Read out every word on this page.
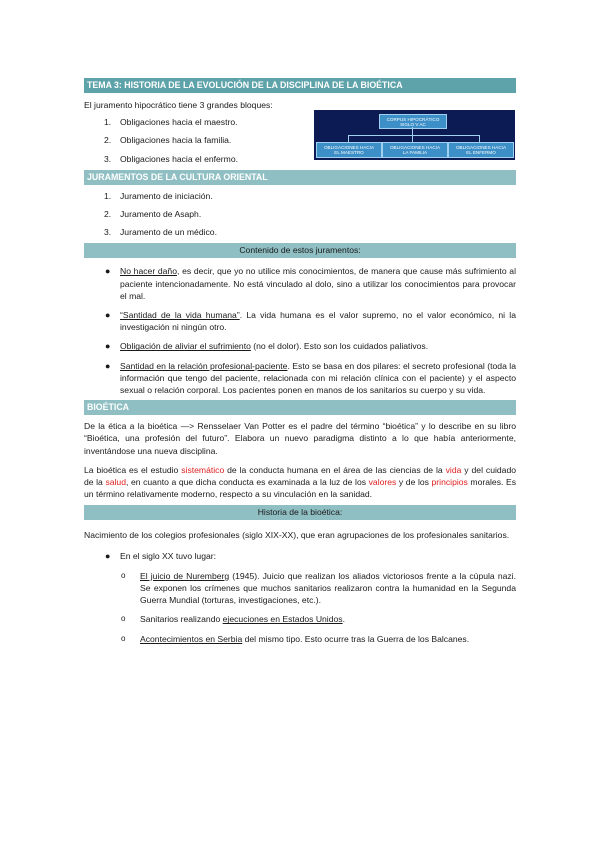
TEMA 3: HISTORIA DE LA EVOLUCIÓN DE LA DISCIPLINA DE LA BIOÉTICA

El juramento hipocrático tiene 3 grandes bloques:

1. Obligaciones hacia el maestro.
2. Obligaciones hacia la familia.
3. Obligaciones hacia el enfermo.
CORPUS HIPOCRÁTICO
SIGLO V AC
OBLIGACIONES HACIA
EL MAESTRO
OBLIGACIONES HACIA
LA FAMILIA
OBLIGACIONES HACIA
EL ENFERMO
JURAMENTOS DE LA CULTURA ORIENTAL
1. Juramento de iniciación.
2. Juramento de Asaph.
3. Juramento de un médico.
Contenido de estos juramentos:
● No hacer daño, es decir, que yo no utilice mis conocimientos, de manera que cause más sufrimiento al paciente intencionadamente. No está vinculado al dolo, sino a utilizar los conocimientos para provocar el mal.
● “Santidad de la vida humana”. La vida humana es el valor supremo, no el valor económico, ni la investigación ni ningún otro.
● Obligación de aliviar el sufrimiento (no el dolor). Esto son los cuidados paliativos.
● Santidad en la relación profesional-paciente. Esto se basa en dos pilares: el secreto profesional (toda la información que tengo del paciente, relacionada con mi relación clínica con el paciente) y el aspecto sexual o relación corporal. Los pacientes ponen en manos de los sanitarios su cuerpo y su vida.
BIOÉTICA

De la ética a la bioética —> Rensselaer Van Potter es el padre del término “bioética” y lo describe en su libro “Bioética, una profesión del futuro”. Elabora un nuevo paradigma distinto a lo que había anteriormente, inventándose una nueva disciplina.

La bioética es el estudio sistemático de la conducta humana en el área de las ciencias de la vida y del cuidado de la salud, en cuanto a que dicha conducta es examinada a la luz de los valores y de los principios morales. Es un término relativamente moderno, respecto a su vinculación en la sanidad.

Historia de la bioética:

Nacimiento de los colegios profesionales (siglo XIX-XX), que eran agrupaciones de los profesionales sanitarios.

● En el siglo XX tuvo lugar:
o El juicio de Nuremberg (1945). Juicio que realizan los aliados victoriosos frente a la cúpula nazi. Se exponen los crímenes que muchos sanitarios realizaron contra la humanidad en la Segunda Guerra Mundial (torturas, investigaciones, etc.).
o Sanitarios realizando ejecuciones en Estados Unidos.
o Acontecimientos en Serbia del mismo tipo. Esto ocurre tras la Guerra de los Balcanes.
